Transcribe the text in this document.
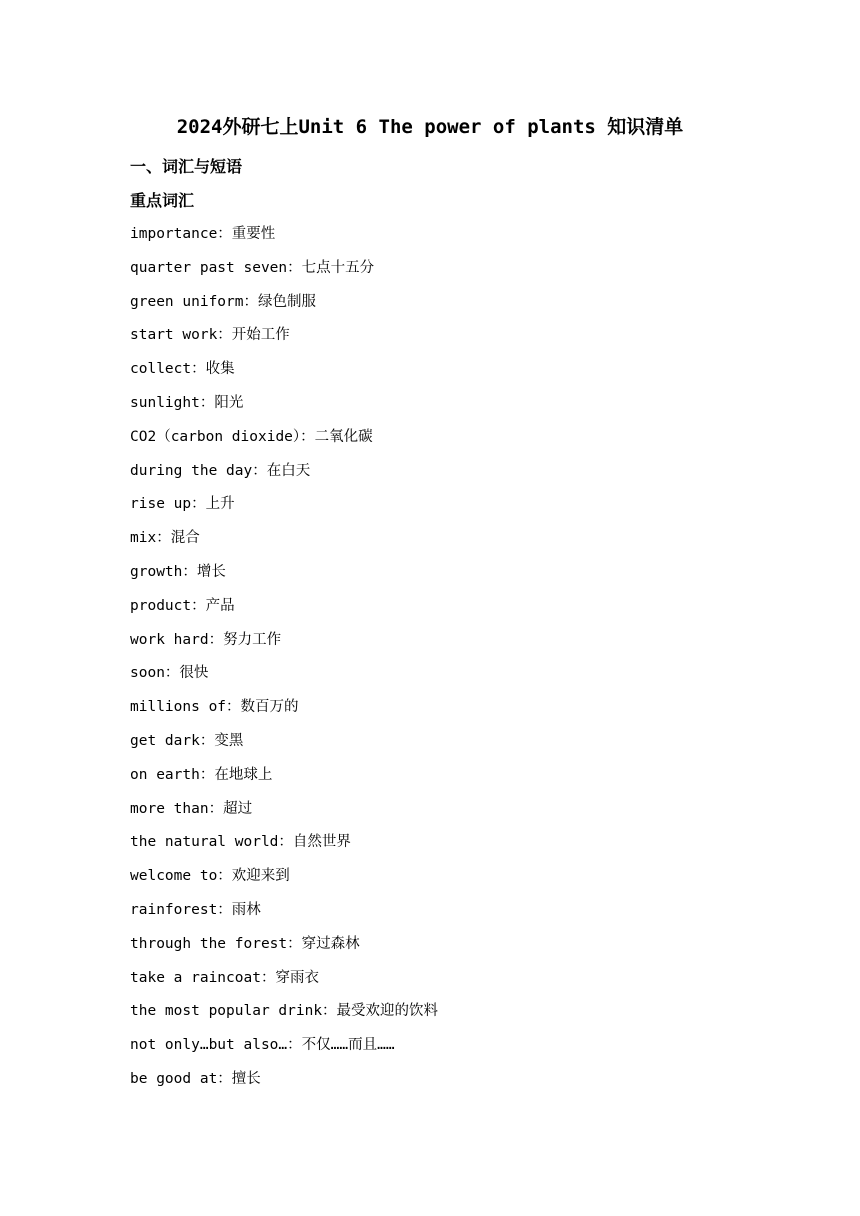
2024外研七上Unit 6 The power of plants 知识清单
一、词汇与短语
重点词汇
importance：重要性
quarter past seven：七点十五分
green uniform：绿色制服
start work：开始工作
collect：收集
sunlight：阳光
CO2（carbon dioxide）：二氧化碳
during the day：在白天
rise up：上升
mix：混合
growth：增长
product：产品
work hard：努力工作
soon：很快
millions of：数百万的
get dark：变黑
on earth：在地球上
more than：超过
the natural world：自然世界
welcome to：欢迎来到
rainforest：雨林
through the forest：穿过森林
take a raincoat：穿雨衣
the most popular drink：最受欢迎的饮料
not only…but also…：不仅……而且……
be good at：擅长
